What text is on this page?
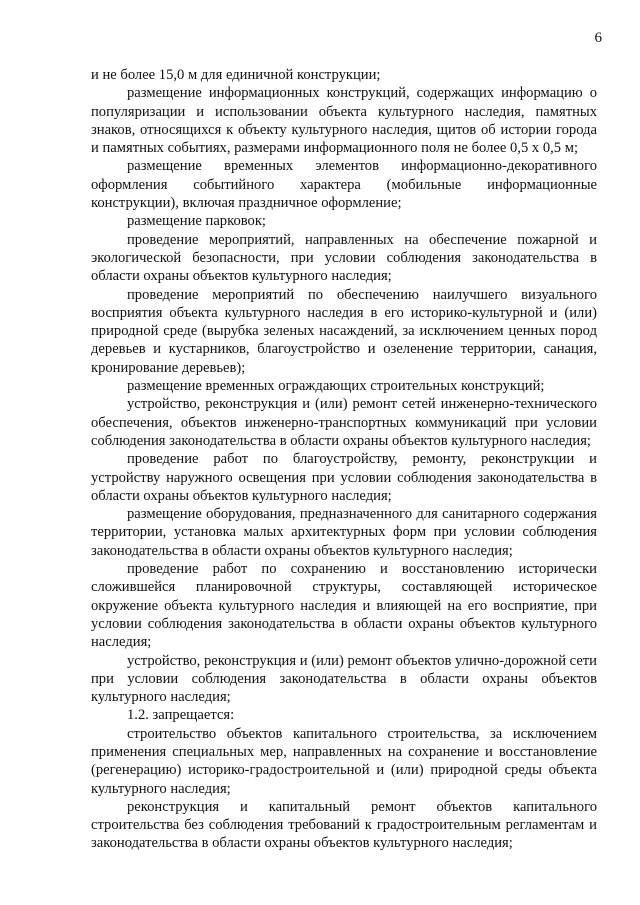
6

и не более 15,0 м для единичной конструкции;

размещение информационных конструкций, содержащих информацию о популяризации и использовании объекта культурного наследия, памятных знаков, относящихся к объекту культурного наследия, щитов об истории города и памятных событиях, размерами информационного поля не более 0,5 х 0,5 м;

размещение временных элементов информационно-декоративного оформления событийного характера (мобильные информационные конструкции), включая праздничное оформление;

размещение парковок;

проведение мероприятий, направленных на обеспечение пожарной и экологической безопасности, при условии соблюдения законодательства в области охраны объектов культурного наследия;

проведение мероприятий по обеспечению наилучшего визуального восприятия объекта культурного наследия в его историко-культурной и (или) природной среде (вырубка зеленых насаждений, за исключением ценных пород деревьев и кустарников, благоустройство и озеленение территории, санация, кронирование деревьев);

размещение временных ограждающих строительных конструкций;

устройство, реконструкция и (или) ремонт сетей инженерно-технического обеспечения, объектов инженерно-транспортных коммуникаций при условии соблюдения законодательства в области охраны объектов культурного наследия;

проведение работ по благоустройству, ремонту, реконструкции и устройству наружного освещения при условии соблюдения законодательства в области охраны объектов культурного наследия;

размещение оборудования, предназначенного для санитарного содержания территории, установка малых архитектурных форм при условии соблюдения законодательства в области охраны объектов культурного наследия;

проведение работ по сохранению и восстановлению исторически сложившейся планировочной структуры, составляющей историческое окружение объекта культурного наследия и влияющей на его восприятие, при условии соблюдения законодательства в области охраны объектов культурного наследия;

устройство, реконструкция и (или) ремонт объектов улично-дорожной сети при условии соблюдения законодательства в области охраны объектов культурного наследия;

1.2. запрещается:

строительство объектов капитального строительства, за исключением применения специальных мер, направленных на сохранение и восстановление (регенерацию) историко-градостроительной и (или) природной среды объекта культурного наследия;

реконструкция и капитальный ремонт объектов капитального строительства без соблюдения требований к градостроительным регламентам и законодательства в области охраны объектов культурного наследия;
